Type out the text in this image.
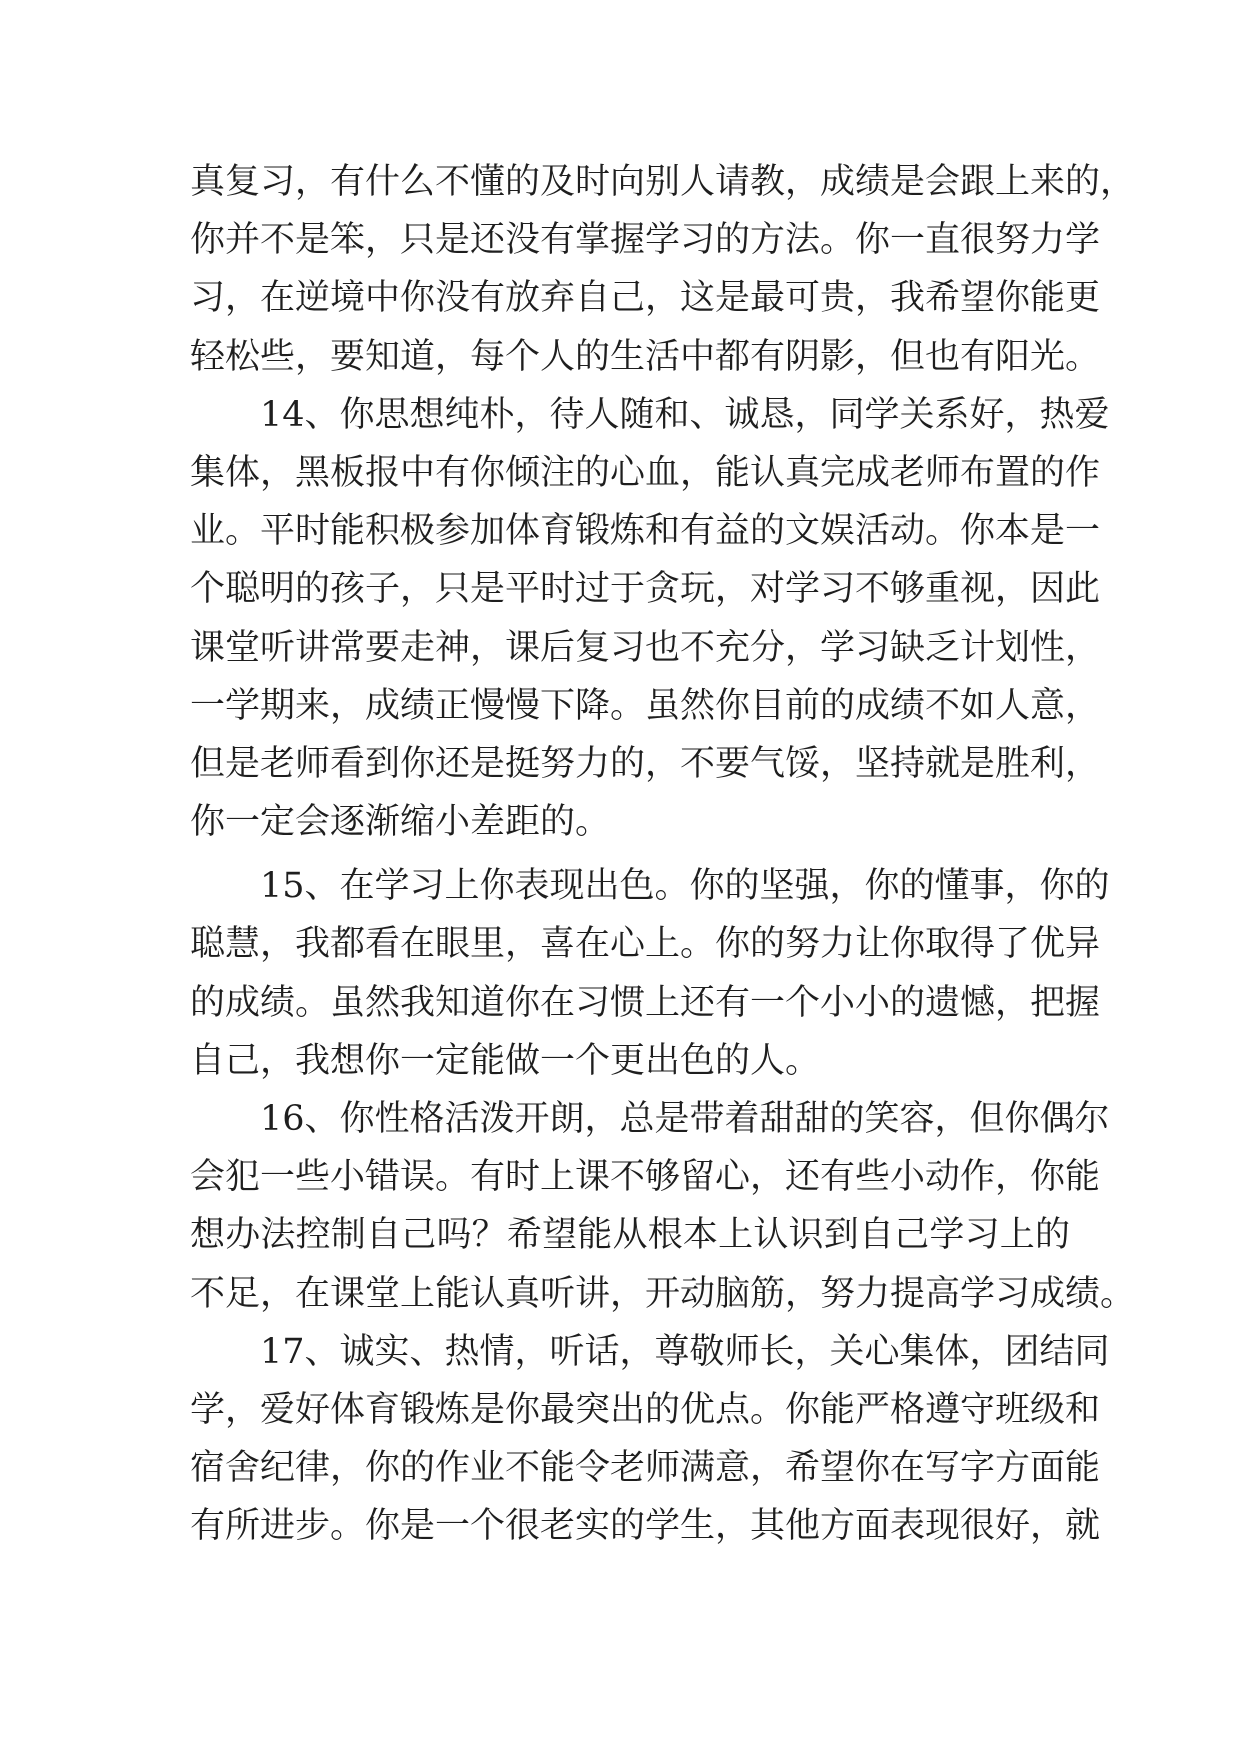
真复习，有什么不懂的及时向别人请教，成绩是会跟上来的，
你并不是笨，只是还没有掌握学习的方法。你一直很努力学
习，在逆境中你没有放弃自己，这是最可贵，我希望你能更
轻松些，要知道，每个人的生活中都有阴影，但也有阳光。
14、你思想纯朴，待人随和、诚恳，同学关系好，热爱
集体，黑板报中有你倾注的心血，能认真完成老师布置的作
业。平时能积极参加体育锻炼和有益的文娱活动。你本是一
个聪明的孩子，只是平时过于贪玩，对学习不够重视，因此
课堂听讲常要走神，课后复习也不充分，学习缺乏计划性，
一学期来，成绩正慢慢下降。虽然你目前的成绩不如人意，
但是老师看到你还是挺努力的，不要气馁，坚持就是胜利，
你一定会逐渐缩小差距的。
15、在学习上你表现出色。你的坚强，你的懂事，你的
聪慧，我都看在眼里，喜在心上。你的努力让你取得了优异
的成绩。虽然我知道你在习惯上还有一个小小的遗憾，把握
自己，我想你一定能做一个更出色的人。
16、你性格活泼开朗，总是带着甜甜的笑容，但你偶尔
会犯一些小错误。有时上课不够留心，还有些小动作，你能
想办法控制自己吗？希望能从根本上认识到自己学习上的
不足，在课堂上能认真听讲，开动脑筋，努力提高学习成绩。
17、诚实、热情，听话，尊敬师长，关心集体，团结同
学，爱好体育锻炼是你最突出的优点。你能严格遵守班级和
宿舍纪律，你的作业不能令老师满意，希望你在写字方面能
有所进步。你是一个很老实的学生，其他方面表现很好，就
